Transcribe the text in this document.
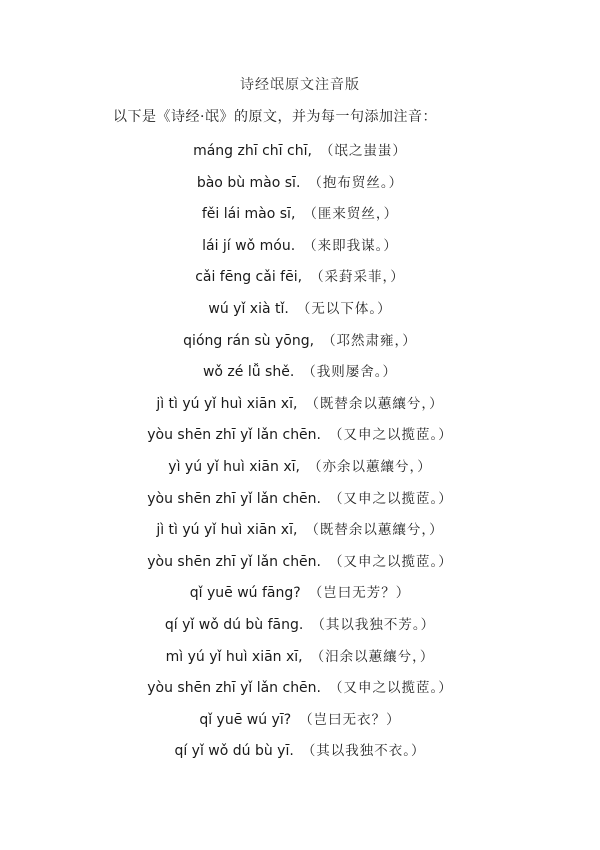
诗经氓原文注音版
以下是《诗经·氓》的原文，并为每一句添加注音：
máng zhī chī chī, （氓之蚩蚩）
bào bù mào sī. （抱布贸丝。）
fěi lái mào sī, （匪来贸丝，）
lái jí wǒ móu. （来即我谋。）
cǎi fēng cǎi fēi, （采葑采菲，）
wú yǐ xià tǐ. （无以下体。）
qióng rán sù yōng, （邛然肃雍，）
wǒ zé lǚ shě. （我则屡舍。）
jì tì yú yǐ huì xiān xī, （既替余以蕙纕兮，）
yòu shēn zhī yǐ lǎn chēn. （又申之以揽茝。）
yì yú yǐ huì xiān xī, （亦余以蕙纕兮，）
yòu shēn zhī yǐ lǎn chēn. （又申之以揽茝。）
jì tì yú yǐ huì xiān xī, （既替余以蕙纕兮，）
yòu shēn zhī yǐ lǎn chēn. （又申之以揽茝。）
qǐ yuē wú fāng? （岂曰无芳？）
qí yǐ wǒ dú bù fāng. （其以我独不芳。）
mì yú yǐ huì xiān xī, （汨余以蕙纕兮，）
yòu shēn zhī yǐ lǎn chēn. （又申之以揽茝。）
qǐ yuē wú yī? （岂曰无衣？）
qí yǐ wǒ dú bù yī. （其以我独不衣。）
